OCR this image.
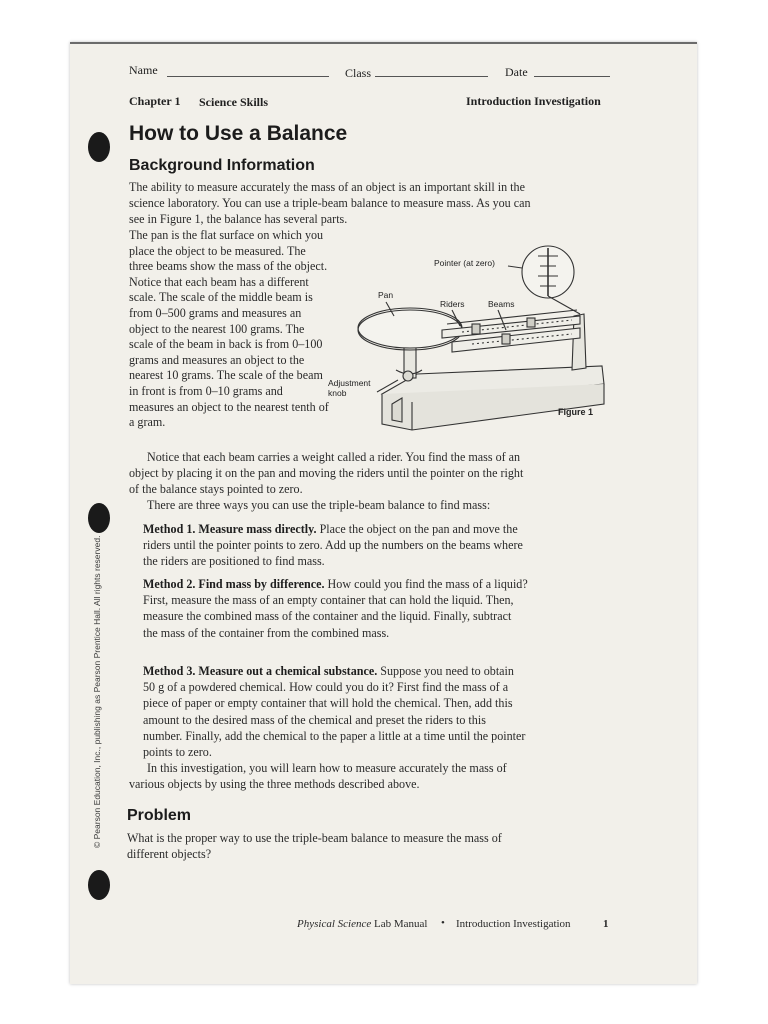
© Pearson Education, Inc., publishing as Pearson Prentice Hall. All rights reserved.
Name	Class	Date
Chapter 1 Science Skills	Introduction Investigation
How to Use a Balance
Background Information
The ability to measure accurately the mass of an object is an important skill in the science laboratory. You can use a triple-beam balance to measure mass. As you can see in Figure 1, the balance has several parts.
The pan is the flat surface on which you place the object to be measured. The three beams show the mass of the object. Notice that each beam has a different scale. The scale of the middle beam is from 0–500 grams and measures an object to the nearest 100 grams. The scale of the beam in back is from 0–100 grams and measures an object to the nearest 10 grams. The scale of the beam in front is from 0–10 grams and measures an object to the nearest tenth of a gram.
Pointer (at zero)
Pan
Riders	Beams
Adjustment
knob
Figure 1
Notice that each beam carries a weight called a rider. You find the mass of an object by placing it on the pan and moving the riders until the pointer on the right of the balance stays pointed to zero.
There are three ways you can use the triple-beam balance to find mass:
Method 1. Measure mass directly. Place the object on the pan and move the riders until the pointer points to zero. Add up the numbers on the beams where the riders are positioned to find mass.
Method 2. Find mass by difference. How could you find the mass of a liquid? First, measure the mass of an empty container that can hold the liquid. Then, measure the combined mass of the container and the liquid. Finally, subtract the mass of the container from the combined mass.
Method 3. Measure out a chemical substance. Suppose you need to obtain 50 g of a powdered chemical. How could you do it? First find the mass of a piece of paper or empty container that will hold the chemical. Then, add this amount to the desired mass of the chemical and preset the riders to this number. Finally, add the chemical to the paper a little at a time until the pointer points to zero.
In this investigation, you will learn how to measure accurately the mass of various objects by using the three methods described above.
Problem
What is the proper way to use the triple-beam balance to measure the mass of different objects?
Physical Science Lab Manual • Introduction Investigation	1
